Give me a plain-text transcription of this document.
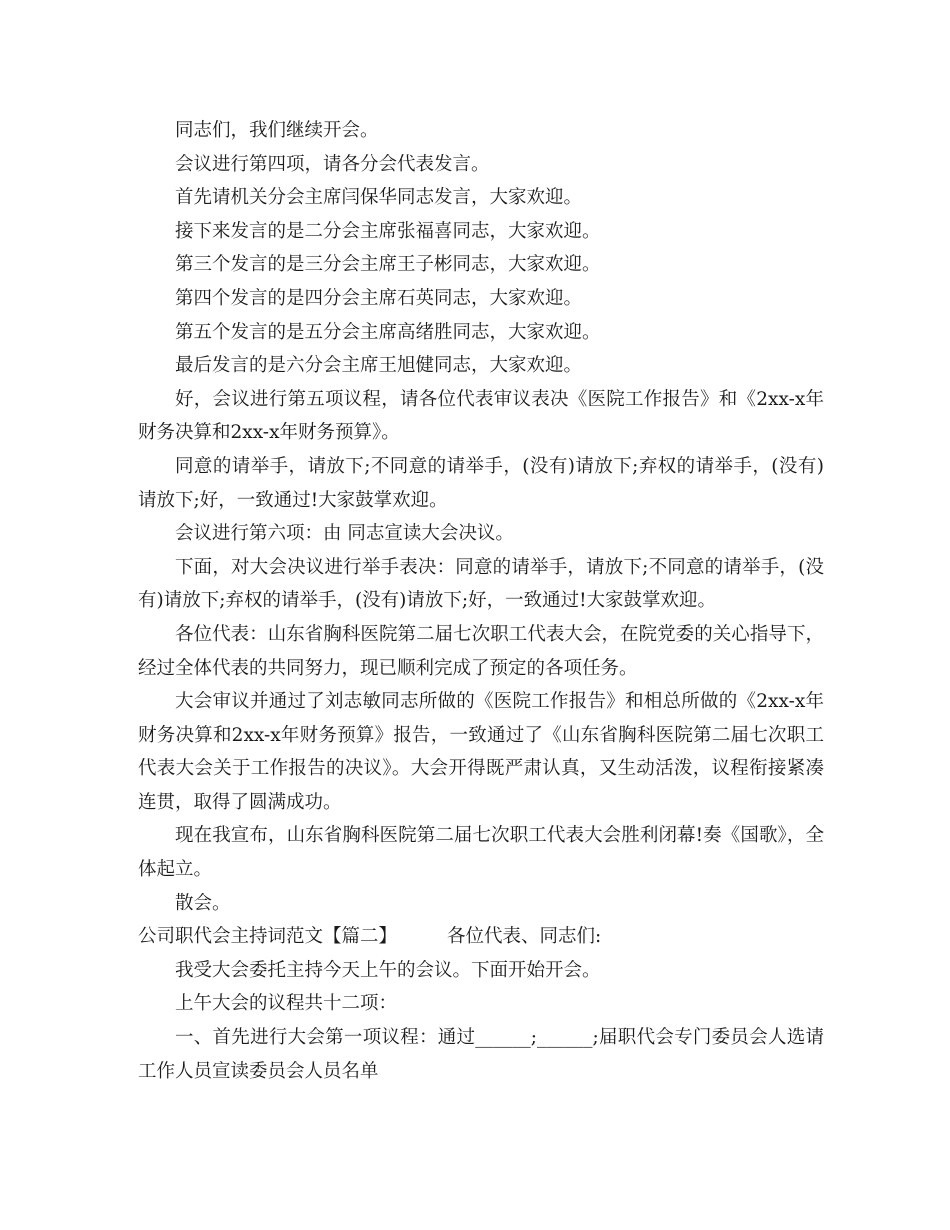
同志们，我们继续开会。

会议进行第四项，请各分会代表发言。

首先请机关分会主席闫保华同志发言，大家欢迎。

接下来发言的是二分会主席张福喜同志，大家欢迎。

第三个发言的是三分会主席王子彬同志，大家欢迎。

第四个发言的是四分会主席石英同志，大家欢迎。

第五个发言的是五分会主席高绪胜同志，大家欢迎。

最后发言的是六分会主席王旭健同志，大家欢迎。

好，会议进行第五项议程，请各位代表审议表决《医院工作报告》和《2xx-x年财务决算和2xx-x年财务预算》。

同意的请举手，请放下;不同意的请举手，(没有)请放下;弃权的请举手，(没有)请放下;好，一致通过!大家鼓掌欢迎。

会议进行第六项：由 同志宣读大会决议。

下面，对大会决议进行举手表决：同意的请举手，请放下;不同意的请举手，(没有)请放下;弃权的请举手，(没有)请放下;好，一致通过!大家鼓掌欢迎。

各位代表：山东省胸科医院第二届七次职工代表大会，在院党委的关心指导下，经过全体代表的共同努力，现已顺利完成了预定的各项任务。

大会审议并通过了刘志敏同志所做的《医院工作报告》和相总所做的《2xx-x年财务决算和2xx-x年财务预算》报告，一致通过了《山东省胸科医院第二届七次职工代表大会关于工作报告的决议》。大会开得既严肃认真，又生动活泼，议程衔接紧凑连贯，取得了圆满成功。

现在我宣布，山东省胸科医院第二届七次职工代表大会胜利闭幕!奏《国歌》，全体起立。

散会。

公司职代会主持词范文【篇二】	各位代表、同志们:

我受大会委托主持今天上午的会议。下面开始开会。

上午大会的议程共十二项：

一、首先进行大会第一项议程：通过______;______;届职代会专门委员会人选请工作人员宣读委员会人员名单
